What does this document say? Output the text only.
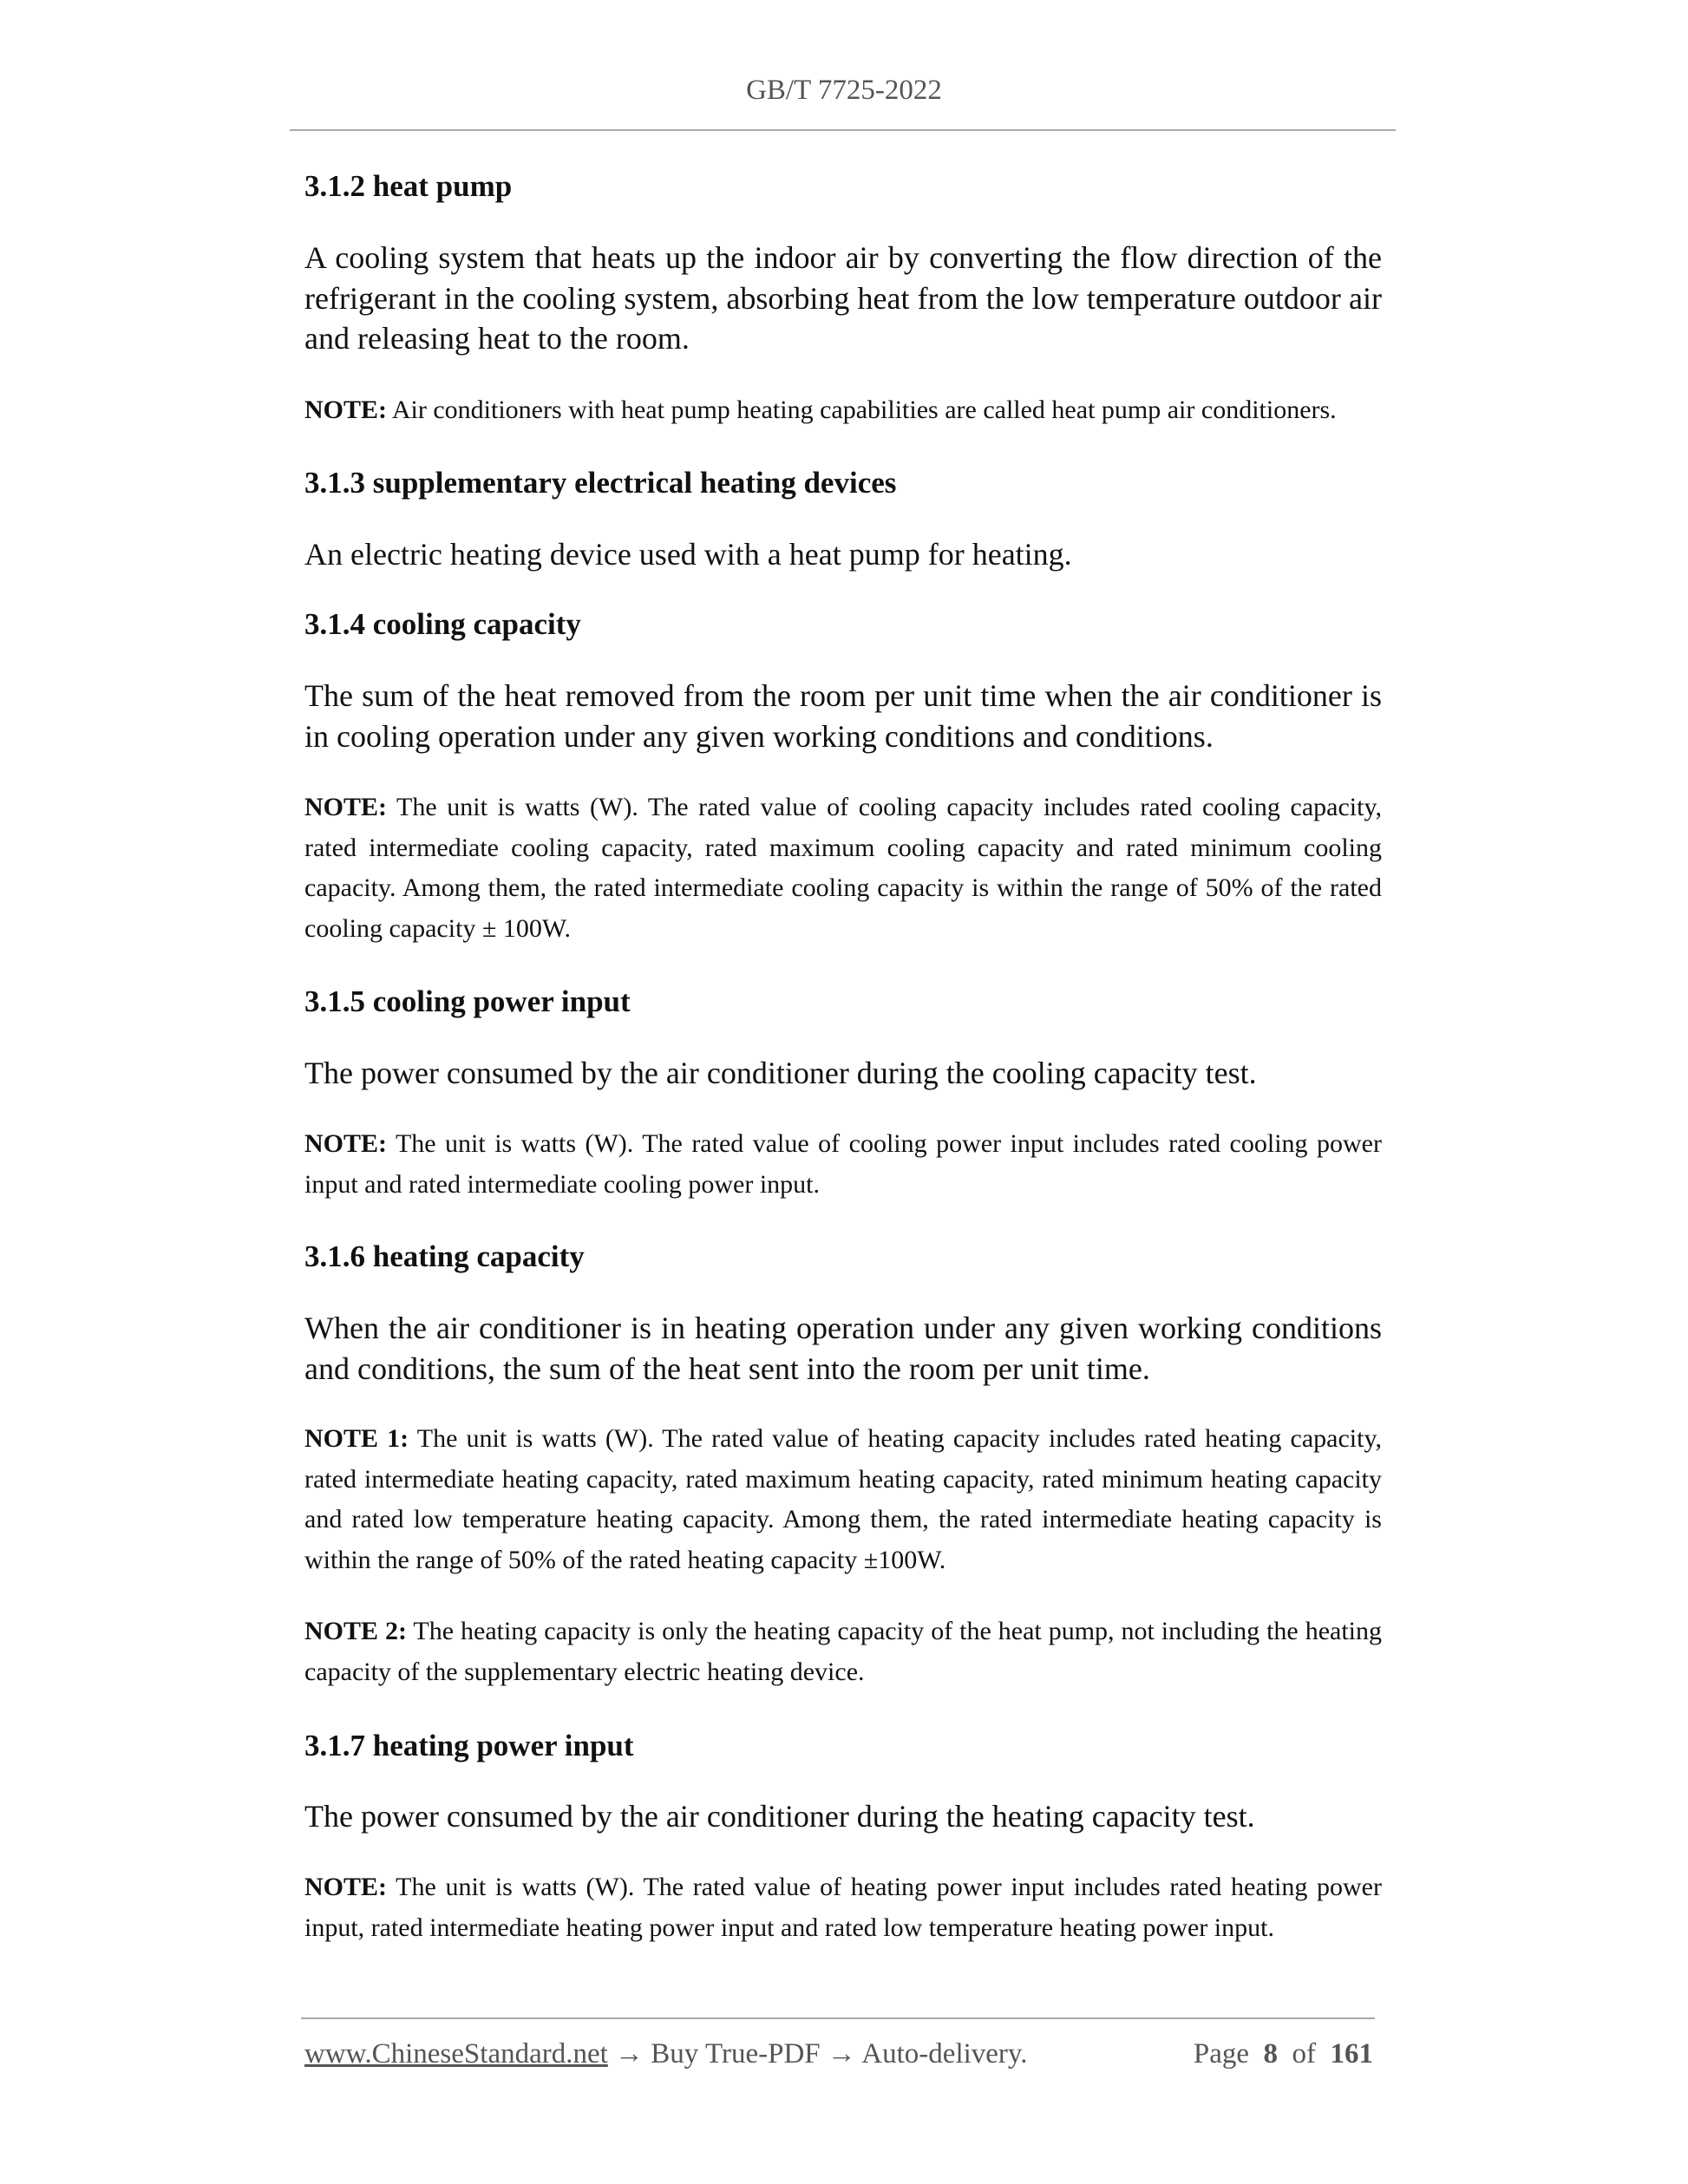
GB/T 7725-2022
3.1.2 heat pump
A cooling system that heats up the indoor air by converting the flow direction of the refrigerant in the cooling system, absorbing heat from the low temperature outdoor air and releasing heat to the room.
NOTE: Air conditioners with heat pump heating capabilities are called heat pump air conditioners.
3.1.3 supplementary electrical heating devices
An electric heating device used with a heat pump for heating.
3.1.4 cooling capacity
The sum of the heat removed from the room per unit time when the air conditioner is in cooling operation under any given working conditions and conditions.
NOTE: The unit is watts (W). The rated value of cooling capacity includes rated cooling capacity, rated intermediate cooling capacity, rated maximum cooling capacity and rated minimum cooling capacity. Among them, the rated intermediate cooling capacity is within the range of 50% of the rated cooling capacity ± 100W.
3.1.5 cooling power input
The power consumed by the air conditioner during the cooling capacity test.
NOTE: The unit is watts (W). The rated value of cooling power input includes rated cooling power input and rated intermediate cooling power input.
3.1.6 heating capacity
When the air conditioner is in heating operation under any given working conditions and conditions, the sum of the heat sent into the room per unit time.
NOTE 1: The unit is watts (W). The rated value of heating capacity includes rated heating capacity, rated intermediate heating capacity, rated maximum heating capacity, rated minimum heating capacity and rated low temperature heating capacity. Among them, the rated intermediate heating capacity is within the range of 50% of the rated heating capacity ±100W.
NOTE 2: The heating capacity is only the heating capacity of the heat pump, not including the heating capacity of the supplementary electric heating device.
3.1.7 heating power input
The power consumed by the air conditioner during the heating capacity test.
NOTE: The unit is watts (W). The rated value of heating power input includes rated heating power input, rated intermediate heating power input and rated low temperature heating power input.
www.ChineseStandard.net → Buy True-PDF → Auto-delivery.	Page 8 of 161
